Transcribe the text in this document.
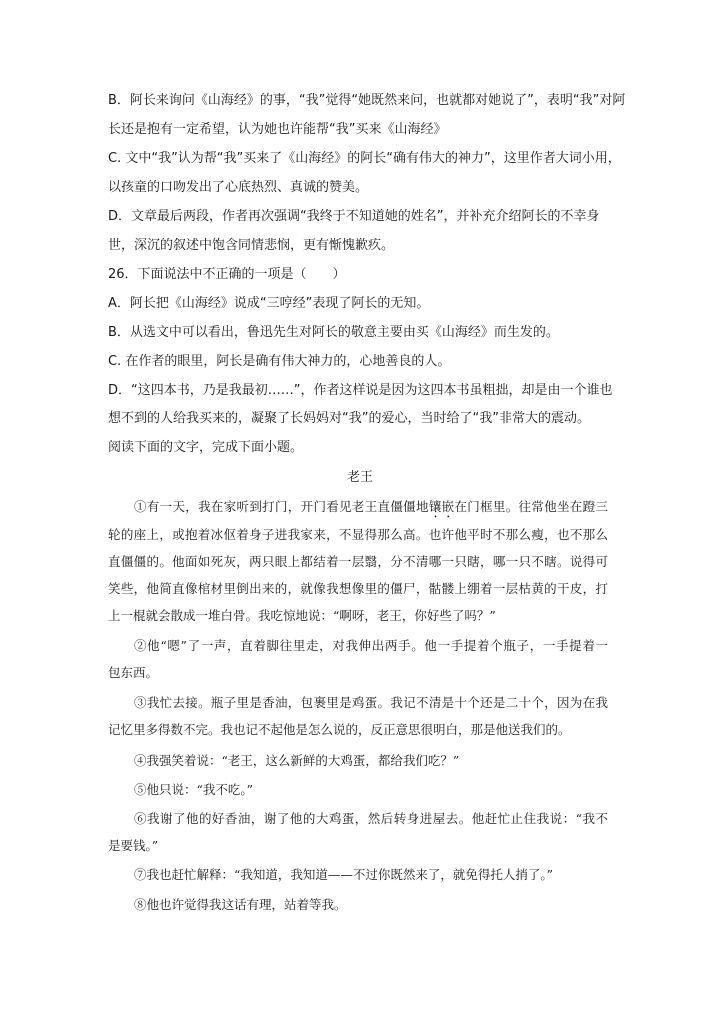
B．阿长来询问《山海经》的事，“我”觉得“她既然来问，也就都对她说了”，表明“我”对阿
长还是抱有一定希望，认为她也许能帮“我”买来《山海经》
C. 文中“我”认为帮“我”买来了《山海经》的阿长“确有伟大的神力”，这里作者大词小用，
以孩童的口吻发出了心底热烈、真诚的赞美。
D．文章最后两段，作者再次强调“我终于不知道她的姓名”，并补充介绍阿长的不幸身
世，深沉的叙述中饱含同情悲悯，更有惭愧歉疚。
26．下面说法中不正确的一项是（　　）
A．阿长把《山海经》说成“三哼经”表现了阿长的无知。
B．从选文中可以看出，鲁迅先生对阿长的敬意主要由买《山海经》而生发的。
C. 在作者的眼里，阿长是确有伟大神力的，心地善良的人。
D．“这四本书，乃是我最初……”，作者这样说是因为这四本书虽粗拙，却是由一个谁也
想不到的人给我买来的，凝聚了长妈妈对“我”的爱心，当时给了“我”非常大的震动。
阅读下面的文字，完成下面小题。
老王
①有一天，我在家听到打门，开门看见老王直僵僵地镶嵌在门框里。往常他坐在蹬三
轮的座上，或抱着冰伛着身子进我家来，不显得那么高。也许他平时不那么瘦，也不那么
直僵僵的。他面如死灰，两只眼上都结着一层翳，分不清哪一只瞎，哪一只不瞎。说得可
笑些，他简直像棺材里倒出来的，就像我想像里的僵尸，骷髅上绷着一层枯黄的干皮，打
上一棍就会散成一堆白骨。我吃惊地说：“啊呀，老王，你好些了吗？”
②他“嗯”了一声，直着脚往里走，对我伸出两手。他一手提着个瓶子，一手提着一
包东西。
③我忙去接。瓶子里是香油，包裹里是鸡蛋。我记不清是十个还是二十个，因为在我
记忆里多得数不完。我也记不起他是怎么说的，反正意思很明白，那是他送我们的。
④我强笑着说：“老王，这么新鲜的大鸡蛋，都给我们吃？”
⑤他只说：“我不吃。”
⑥我谢了他的好香油，谢了他的大鸡蛋，然后转身进屋去。他赶忙止住我说：“我不
是要钱。”
⑦我也赶忙解释：“我知道，我知道——不过你既然来了，就免得托人捎了。”
⑧他也许觉得我这话有理，站着等我。
